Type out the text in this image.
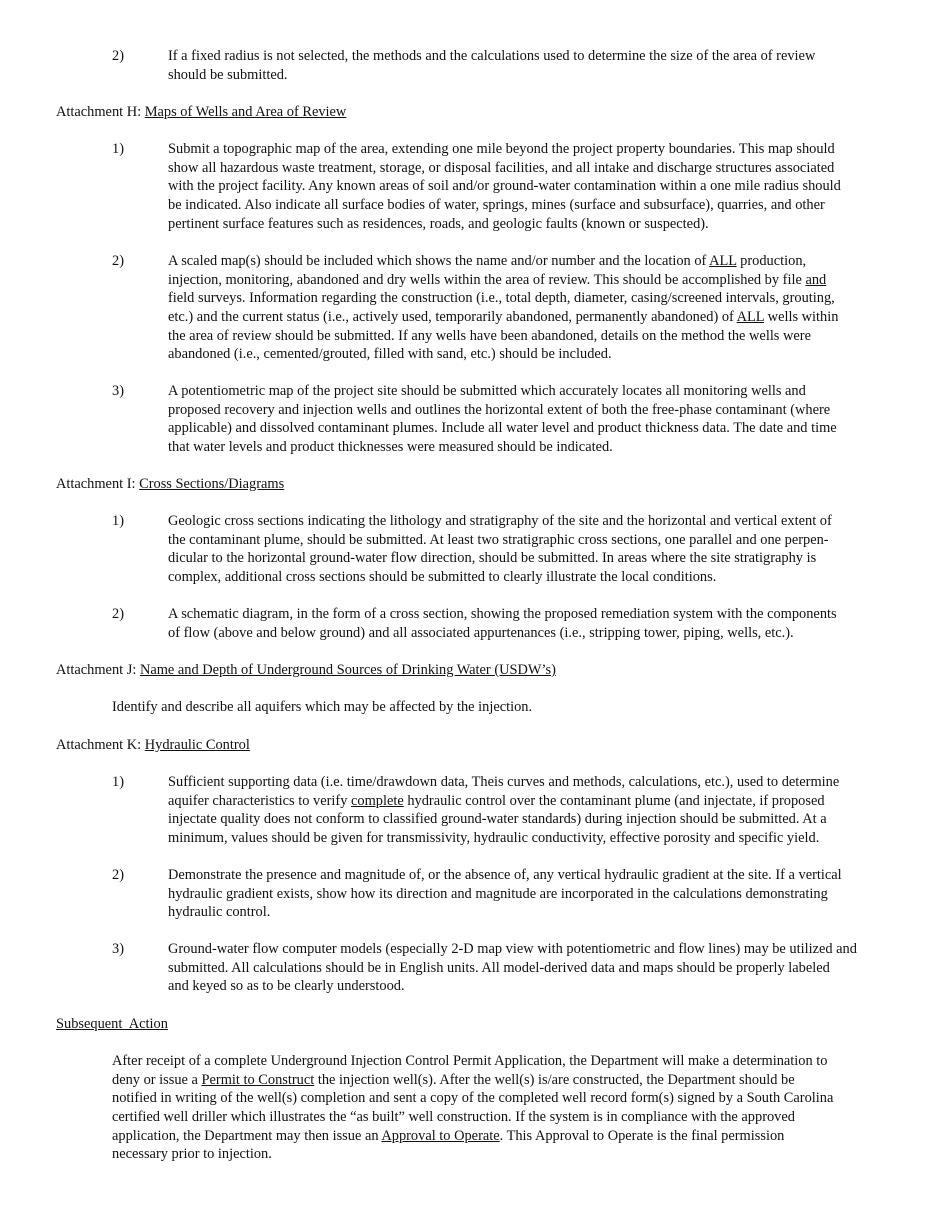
2)	If a fixed radius is not selected, the methods and the calculations used to determine the size of the area of review
should be submitted.
Attachment H: Maps of Wells and Area of Review
1)	Submit a topographic map of the area, extending one mile beyond the project property boundaries. This map should
show all hazardous waste treatment, storage, or disposal facilities, and all intake and discharge structures associated
with the project facility. Any known areas of soil and/or ground-water contamination within a one mile radius should
be indicated. Also indicate all surface bodies of water, springs, mines (surface and subsurface), quarries, and other
pertinent surface features such as residences, roads, and geologic faults (known or suspected).
2)	A scaled map(s) should be included which shows the name and/or number and the location of ALL production,
injection, monitoring, abandoned and dry wells within the area of review. This should be accomplished by file and
field surveys. Information regarding the construction (i.e., total depth, diameter, casing/screened intervals, grouting,
etc.) and the current status (i.e., actively used, temporarily abandoned, permanently abandoned) of ALL wells within
the area of review should be submitted. If any wells have been abandoned, details on the method the wells were
abandoned (i.e., cemented/grouted, filled with sand, etc.) should be included.
3)	A potentiometric map of the project site should be submitted which accurately locates all monitoring wells and
proposed recovery and injection wells and outlines the horizontal extent of both the free-phase contaminant (where
applicable) and dissolved contaminant plumes. Include all water level and product thickness data. The date and time
that water levels and product thicknesses were measured should be indicated.
Attachment I: Cross Sections/Diagrams
1)	Geologic cross sections indicating the lithology and stratigraphy of the site and the horizontal and vertical extent of
the contaminant plume, should be submitted. At least two stratigraphic cross sections, one parallel and one perpen-
dicular to the horizontal ground-water flow direction, should be submitted. In areas where the site stratigraphy is
complex, additional cross sections should be submitted to clearly illustrate the local conditions.
2)	A schematic diagram, in the form of a cross section, showing the proposed remediation system with the components
of flow (above and below ground) and all associated appurtenances (i.e., stripping tower, piping, wells, etc.).
Attachment J: Name and Depth of Underground Sources of Drinking Water (USDW’s)
Identify and describe all aquifers which may be affected by the injection.
Attachment K: Hydraulic Control
1)	Sufficient supporting data (i.e. time/drawdown data, Theis curves and methods, calculations, etc.), used to determine
aquifer characteristics to verify complete hydraulic control over the contaminant plume (and injectate, if proposed
injectate quality does not conform to classified ground-water standards) during injection should be submitted. At a
minimum, values should be given for transmissivity, hydraulic conductivity, effective porosity and specific yield.
2)	Demonstrate the presence and magnitude of, or the absence of, any vertical hydraulic gradient at the site. If a vertical
hydraulic gradient exists, show how its direction and magnitude are incorporated in the calculations demonstrating
hydraulic control.
3)	Ground-water flow computer models (especially 2-D map view with potentiometric and flow lines) may be utilized and
submitted. All calculations should be in English units. All model-derived data and maps should be properly labeled
and keyed so as to be clearly understood.
Subsequent  Action
After receipt of a complete Underground Injection Control Permit Application, the Department will make a determination to
deny or issue a Permit to Construct the injection well(s). After the well(s) is/are constructed, the Department should be
notified in writing of the well(s) completion and sent a copy of the completed well record form(s) signed by a South Carolina
certified well driller which illustrates the “as built” well construction. If the system is in compliance with the approved
application, the Department may then issue an Approval to Operate. This Approval to Operate is the final permission
necessary prior to injection.
